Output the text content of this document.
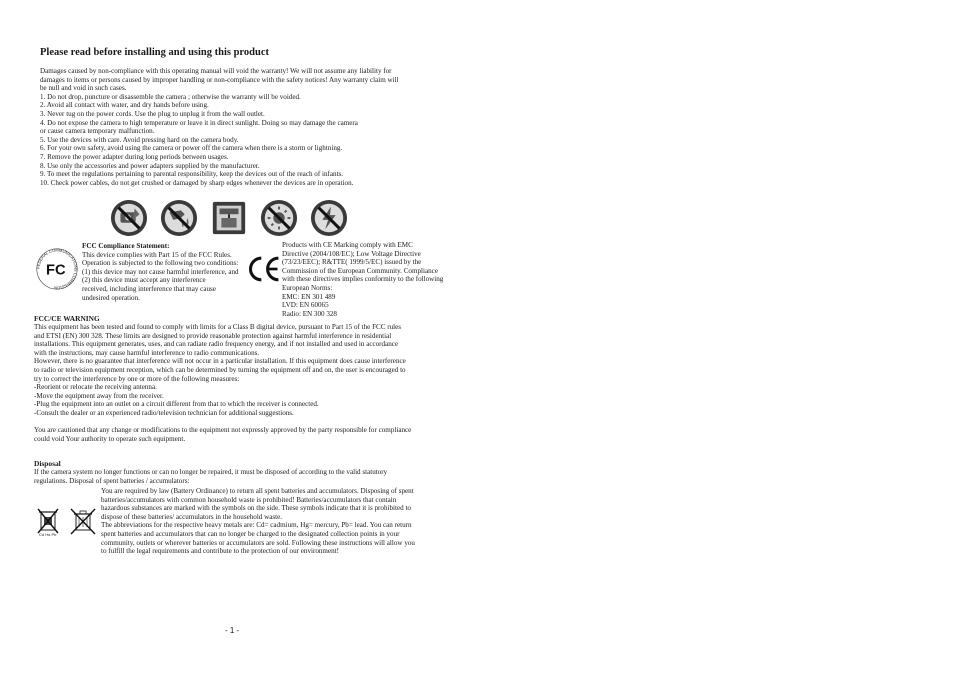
Please read before installing and using this product
Damages caused by non-compliance with this operating manual will void the warranty! We will not assume any liability for
damages to items or persons caused by improper handling or non-compliance with the safety notices! Any warranty claim will
be null and void in such cases.
1. Do not drop, puncture or disassemble the camera ; otherwise the warranty will be voided.
2. Avoid all contact with water, and dry hands before using.
3. Never tug on the power cords. Use the plug to unplug it from the wall outlet.
4. Do not expose the camera to high temperature or leave it in direct sunlight. Doing so may damage the camera
or cause camera temporary malfunction.
5. Use the devices with care. Avoid pressing hard on the camera body.
6. For your own safety, avoid using the camera or power off the camera when there is a storm or lightning.
7. Remove the power adapter during long periods between usages.
8. Use only the accessories and power adapters supplied by the manufacturer.
9. To meet the regulations pertaining to parental responsibility, keep the devices out of the reach of infants.
10. Check power cables, do not get crushed or damaged by sharp edges whenever the devices are in operation.

FEDERAL COMMUNICATIONS COMMISSION
FC
FCC Compliance Statement:
This device complies with Part 15 of the FCC Rules.
Operation is subjected to the following two conditions:
(1) this device may not cause harmful interference, and
(2) this device must accept any interference
received, including interference that may cause
undesired operation.
Products with CE Marking comply with EMC
Directive (2004/108/EC); Low Voltage Directive
(73/23/EEC); R&TTE( 1999/5/EC) issued by the
Commission of the European Community. Compliance
with these directives implies conformity to the following
European Norms:
EMC: EN 301 489
LVD: EN 60065
Radio: EN 300 328
FCC/CE WARNING
This equipment has been tested and found to comply with limits for a Class B digital device, pursuant to Part 15 of the FCC rules
and ETSI (EN) 300 328. These limits are designed to provide reasonable protection against harmful interference in residential
installations. This equipment generates, uses, and can radiate radio frequency energy, and if not installed and used in accordance
with the instructions, may cause harmful interference to radio communications.
However, there is no guarantee that interference will not occur in a particular installation. If this equipment does cause interference
to radio or television equipment reception, which can be determined by turning the equipment off and on, the user is encouraged to
try to correct the interference by one or more of the following measures:
-Reorient or relocate the receiving antenna.
-Move the equipment away from the receiver.
-Plug the equipment into an outlet on a circuit different from that to which the receiver is connected.
-Consult the dealer or an experienced radio/television technician for additional suggestions.
You are cautioned that any change or modifications to the equipment not expressly approved by the party responsible for compliance
could void Your authority to operate such equipment.
Disposal
If the camera system no longer functions or can no longer be repaired, it must be disposed of according to the valid statutory
regulations. Disposal of spent batteries / accumulators:
Cd Hg Pb

You are required by law (Battery Ordinance) to return all spent batteries and accumulators. Disposing of spent
batteries/accumulators with common household waste is prohibited! Batteries/accumulators that contain
hazardous substances are marked with the symbols on the side. These symbols indicate that it is prohibited to
dispose of these batteries/ accumulators in the household waste.
The abbreviations for the respective heavy metals are: Cd= cadmium, Hg= mercury, Pb= lead. You can return
spent batteries and accumulators that can no longer be charged to the designated collection points in your
community, outlets or wherever batteries or accumulators are sold. Following these instructions will allow you
to fulfill the legal requirements and contribute to the protection of our environment!
- 1 -
